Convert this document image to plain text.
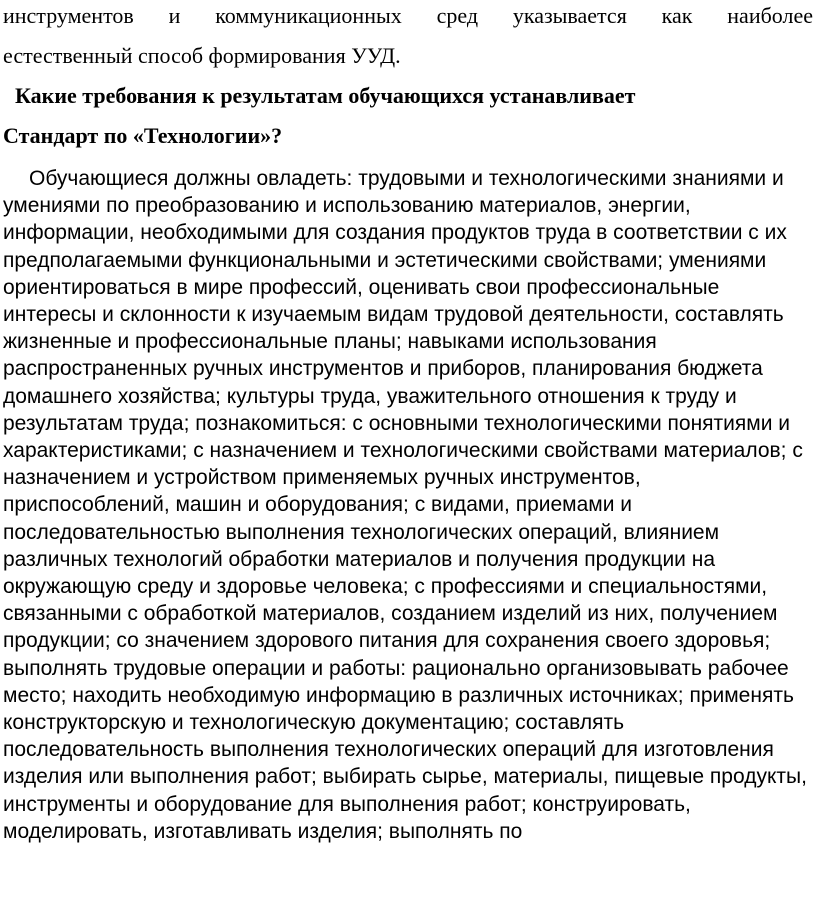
инструментов и коммуникационных сред указывается как наиболее
естественный способ формирования УУД.
Какие требования к результатам обучающихся устанавливает
Стандарт по «Технологии»?

Обучающиеся должны овладеть: трудовыми и технологическими знаниями и умениями по преобразованию и использованию материалов, энергии, информации, необходимыми для создания продуктов труда в соответствии с их предполагаемыми функциональными и эстетическими свойствами; умениями ориентироваться в мире профессий, оценивать свои профессиональные интересы и склонности к изучаемым видам трудовой деятельности, составлять жизненные и профессиональные планы; навыками использования распространенных ручных инструментов и приборов, планирования бюджета домашнего хозяйства; культуры труда, уважительного отношения к труду и результатам труда; познакомиться: с основными технологическими понятиями и характеристиками; с назначением и технологическими свойствами материалов; с назначением и устройством применяемых ручных инструментов, приспособлений, машин и оборудования; с видами, приемами и последовательностью выполнения технологических операций, влиянием различных технологий обработки материалов и получения продукции на окружающую среду и здоровье человека; с профессиями и специальностями, связанными с обработкой материалов, созданием изделий из них, получением продукции; со значением здорового питания для сохранения своего здоровья; выполнять трудовые операции и работы: рационально организовывать рабочее место; находить необходимую информацию в различных источниках; применять конструкторскую и технологическую документацию; составлять последовательность выполнения технологических операций для изготовления изделия или выполнения работ; выбирать сырье, материалы, пищевые продукты, инструменты и оборудование для выполнения работ; конструировать, моделировать, изготавливать изделия; выполнять по
